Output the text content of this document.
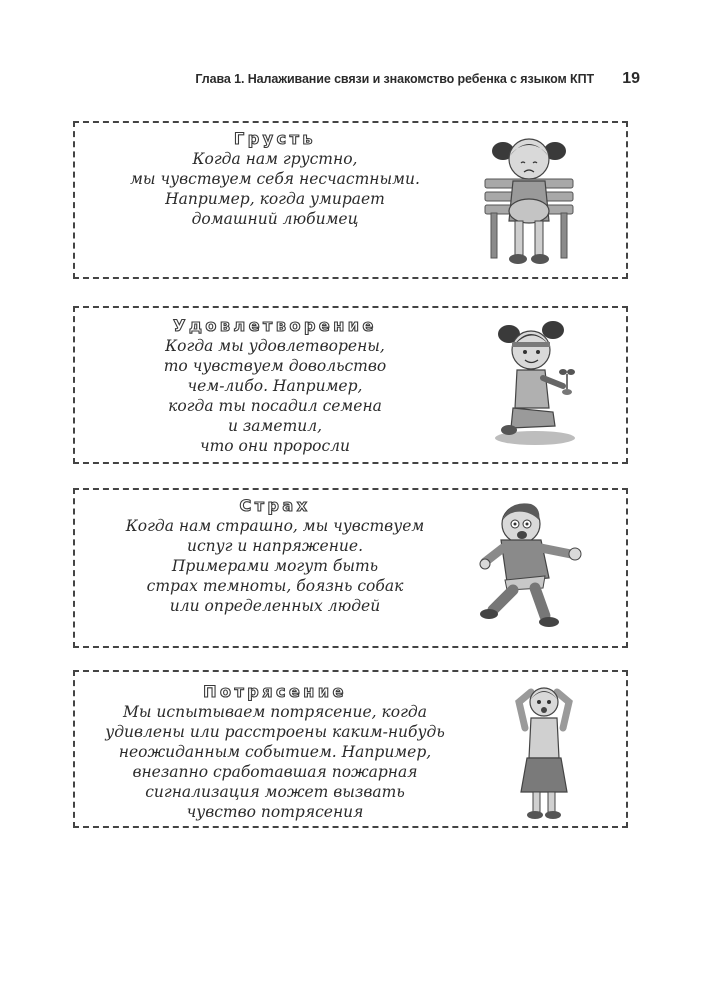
Глава 1. Налаживание связи и знакомство ребенка с языком КПТ 19
Грусть
Когда нам грустно,
мы чувствуем себя несчастными.
Например, когда умирает
домашний любимец
Удовлетворение
Когда мы удовлетворены,
то чувствуем довольство
чем-либо. Например,
когда ты посадил семена
и заметил,
что они проросли
Страх
Когда нам страшно, мы чувствуем
испуг и напряжение.
Примерами могут быть
страх темноты, боязнь собак
или определенных людей
Потрясение
Мы испытываем потрясение, когда
удивлены или расстроены каким-нибудь
неожиданным событием. Например,
внезапно сработавшая пожарная
сигнализация может вызвать
чувство потрясения
